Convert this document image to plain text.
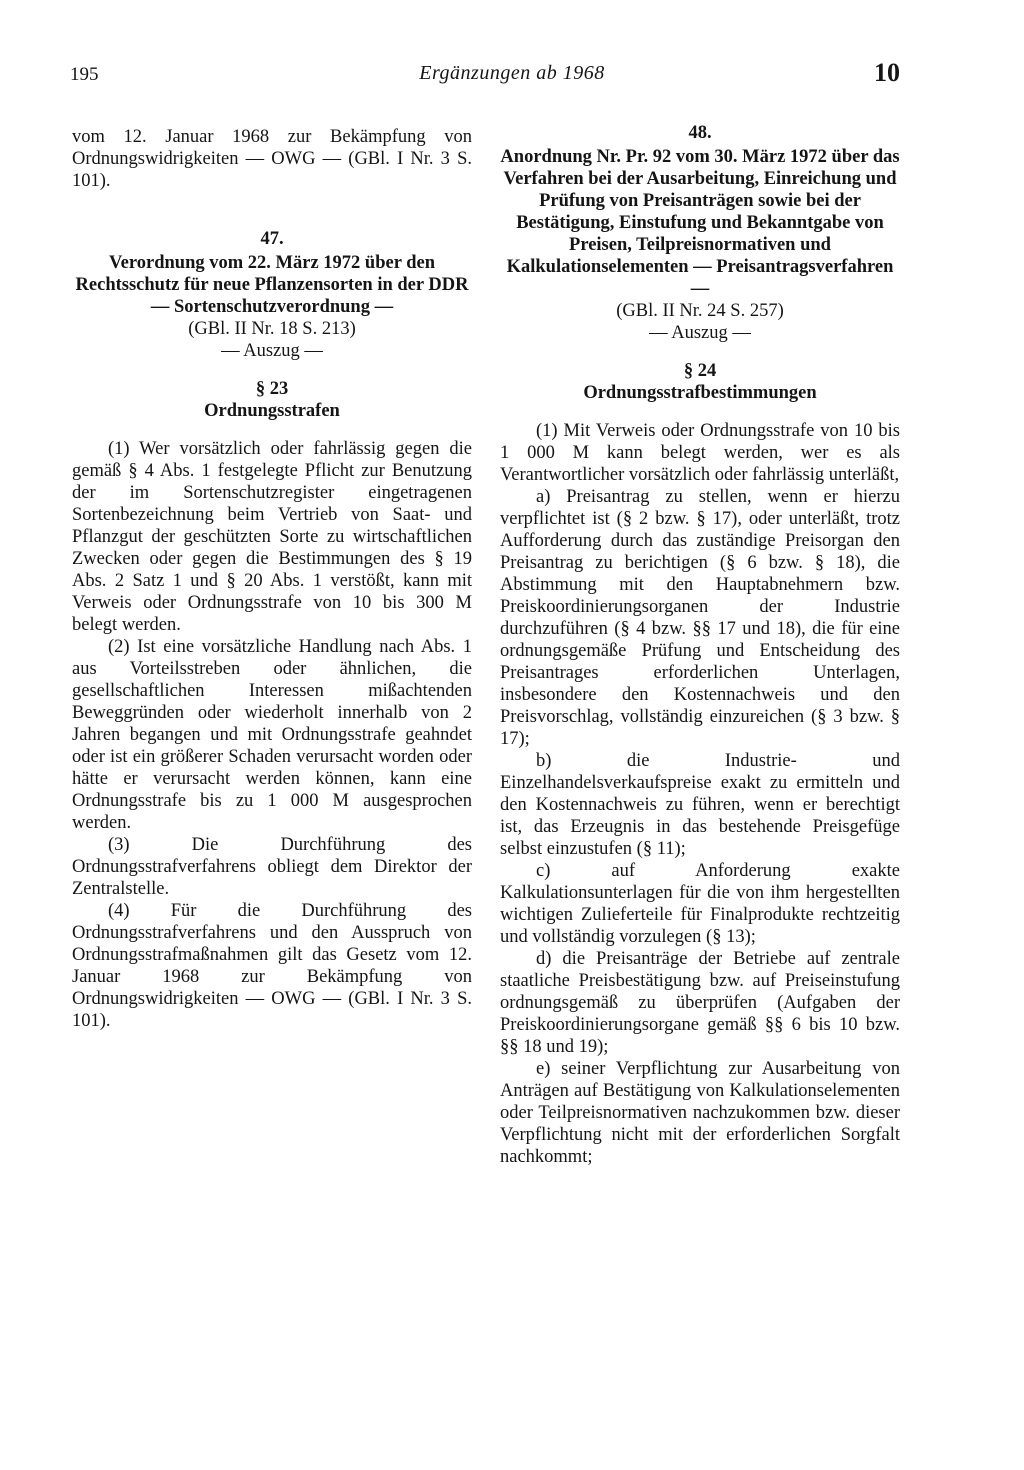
195	Ergänzungen ab 1968	10
vom 12. Januar 1968 zur Bekämpfung von Ordnungswidrigkeiten — OWG — (GBl. I Nr. 3 S. 101).
47.
Verordnung vom 22. März 1972 über den Rechtsschutz für neue Pflanzensorten in der DDR — Sortenschutzverordnung —
(GBl. II Nr. 18 S. 213)
— Auszug —
§ 23
Ordnungsstrafen

(1) Wer vorsätzlich oder fahrlässig gegen die gemäß § 4 Abs. 1 festgelegte Pflicht zur Benutzung der im Sortenschutzregister eingetragenen Sortenbezeichnung beim Vertrieb von Saat- und Pflanzgut der geschützten Sorte zu wirtschaftlichen Zwecken oder gegen die Bestimmungen des § 19 Abs. 2 Satz 1 und § 20 Abs. 1 verstößt, kann mit Verweis oder Ordnungsstrafe von 10 bis 300 M belegt werden.

(2) Ist eine vorsätzliche Handlung nach Abs. 1 aus Vorteilsstreben oder ähnlichen, die gesellschaftlichen Interessen mißachtenden Beweggründen oder wiederholt innerhalb von 2 Jahren begangen und mit Ordnungsstrafe geahndet oder ist ein größerer Schaden verursacht worden oder hätte er verursacht werden können, kann eine Ordnungsstrafe bis zu 1 000 M ausgesprochen werden.

(3) Die Durchführung des Ordnungsstrafverfahrens obliegt dem Direktor der Zentralstelle.

(4) Für die Durchführung des Ordnungsstrafverfahrens und den Ausspruch von Ordnungsstrafmaßnahmen gilt das Gesetz vom 12. Januar 1968 zur Bekämpfung von Ordnungswidrigkeiten — OWG — (GBl. I Nr. 3 S. 101).

48.
Anordnung Nr. Pr. 92 vom 30. März 1972 über das Verfahren bei der Ausarbeitung, Einreichung und Prüfung von Preisanträgen sowie bei der Bestätigung, Einstufung und Bekanntgabe von Preisen, Teilpreisnormativen und Kalkulationselementen — Preisantragsverfahren —
(GBl. II Nr. 24 S. 257)
— Auszug —
§ 24
Ordnungsstrafbestimmungen

(1) Mit Verweis oder Ordnungsstrafe von 10 bis 1 000 M kann belegt werden, wer es als Verantwortlicher vorsätzlich oder fahrlässig unterläßt,

a) Preisantrag zu stellen, wenn er hierzu verpflichtet ist (§ 2 bzw. § 17), oder unterläßt, trotz Aufforderung durch das zuständige Preisorgan den Preisantrag zu berichtigen (§ 6 bzw. § 18), die Abstimmung mit den Hauptabnehmern bzw. Preiskoordinierungsorganen der Industrie durchzuführen (§ 4 bzw. §§ 17 und 18), die für eine ordnungsgemäße Prüfung und Entscheidung des Preisantrages erforderlichen Unterlagen, insbesondere den Kostennachweis und den Preisvorschlag, vollständig einzureichen (§ 3 bzw. § 17);

b) die Industrie- und Einzelhandelsverkaufspreise exakt zu ermitteln und den Kostennachweis zu führen, wenn er berechtigt ist, das Erzeugnis in das bestehende Preisgefüge selbst einzustufen (§ 11);

c) auf Anforderung exakte Kalkulationsunterlagen für die von ihm hergestellten wichtigen Zulieferteile für Finalprodukte rechtzeitig und vollständig vorzulegen (§ 13);

d) die Preisanträge der Betriebe auf zentrale staatliche Preisbestätigung bzw. auf Preiseinstufung ordnungsgemäß zu überprüfen (Aufgaben der Preiskoordinierungsorgane gemäß §§ 6 bis 10 bzw. §§ 18 und 19);

e) seiner Verpflichtung zur Ausarbeitung von Anträgen auf Bestätigung von Kalkulationselementen oder Teilpreisnormativen nachzukommen bzw. dieser Verpflichtung nicht mit der erforderlichen Sorgfalt nachkommt;
